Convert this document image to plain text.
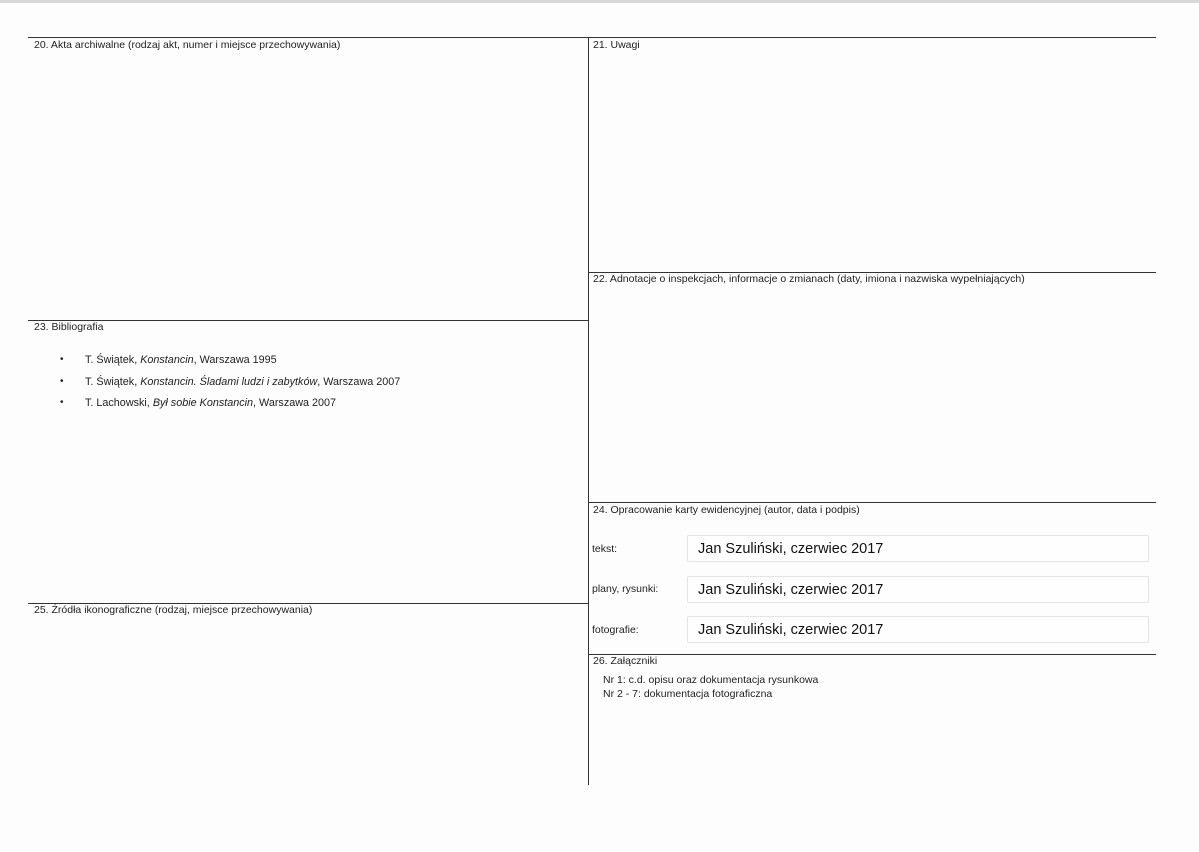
20. Akta archiwalne (rodzaj akt, numer i miejsce przechowywania)	21. Uwagi
22. Adnotacje o inspekcjach, informacje o zmianach (daty, imiona i nazwiska wypełniających)
23. Bibliografia
24. Opracowanie karty ewidencyjnej (autor, data i podpis)
25. Źródła ikonograficzne (rodzaj, miejsce przechowywania)
26. Załączniki
• T. Świątek, Konstancin, Warszawa 1995
• T. Świątek, Konstancin. Śladami ludzi i zabytków, Warszawa 2007
• T. Lachowski, Był sobie Konstancin, Warszawa 2007
tekst:	Jan Szuliński, czerwiec 2017
plany, rysunki:	Jan Szuliński, czerwiec 2017
fotografie:	Jan Szuliński, czerwiec 2017
Nr 1: c.d. opisu oraz dokumentacja rysunkowa
Nr 2 - 7: dokumentacja fotograficzna
